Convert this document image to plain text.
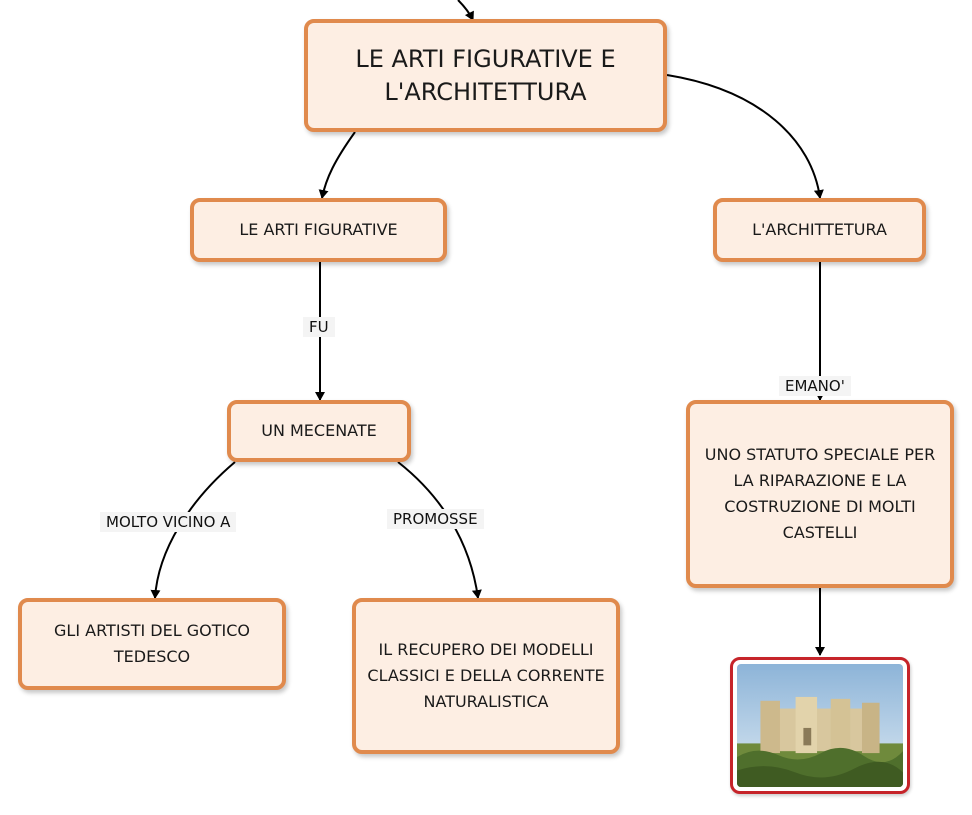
LE ARTI FIGURATIVE E L'ARCHITETTURA
LE ARTI FIGURATIVE	L'ARCHITTETURA
UN MECENATE
UNO STATUTO SPECIALE PER LA RIPARAZIONE E LA COSTRUZIONE DI MOLTI CASTELLI
GLI ARTISTI DEL GOTICO TEDESCO	IL RECUPERO DEI MODELLI CLASSICI E DELLA CORRENTE NATURALISTICA
FU
EMANO'
MOLTO VICINO A	PROMOSSE
